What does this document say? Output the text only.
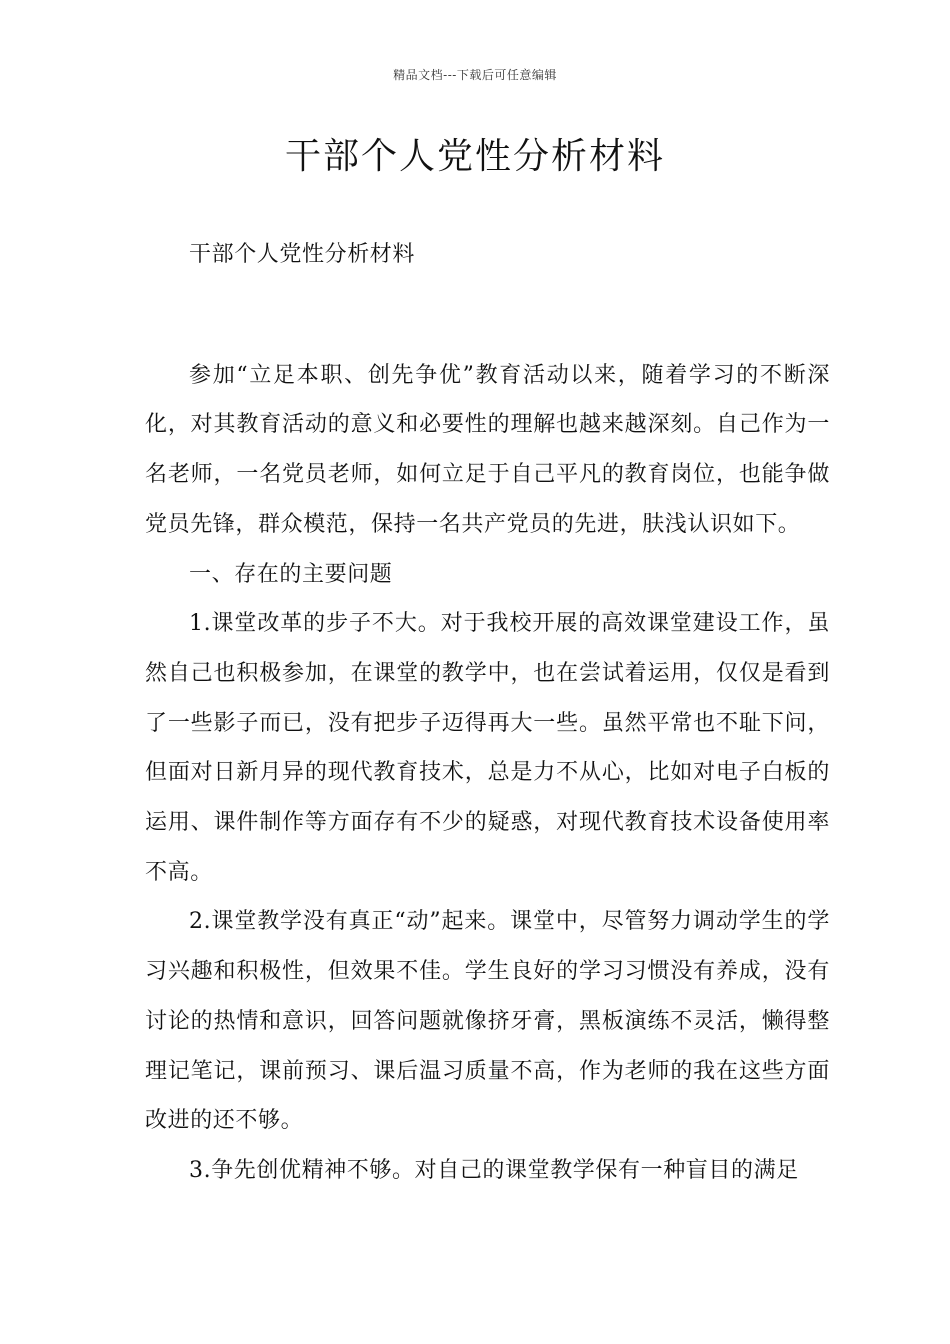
精品文档---下载后可任意编辑
干部个人党性分析材料

干部个人党性分析材料

参加“立足本职、创先争优”教育活动以来，随着学习的不断深化，对其教育活动的意义和必要性的理解也越来越深刻。自己作为一名老师，一名党员老师，如何立足于自己平凡的教育岗位，也能争做党员先锋，群众模范，保持一名共产党员的先进，肤浅认识如下。

一、存在的主要问题

1.课堂改革的步子不大。对于我校开展的高效课堂建设工作，虽然自己也积极参加，在课堂的教学中，也在尝试着运用，仅仅是看到了一些影子而已，没有把步子迈得再大一些。虽然平常也不耻下问，但面对日新月异的现代教育技术，总是力不从心，比如对电子白板的运用、课件制作等方面存有不少的疑惑，对现代教育技术设备使用率不高。

2.课堂教学没有真正“动”起来。课堂中，尽管努力调动学生的学习兴趣和积极性，但效果不佳。学生良好的学习习惯没有养成，没有讨论的热情和意识，回答问题就像挤牙膏，黑板演练不灵活，懒得整理记笔记，课前预习、课后温习质量不高，作为老师的我在这些方面改进的还不够。

3.争先创优精神不够。对自己的课堂教学保有一种盲目的满足
